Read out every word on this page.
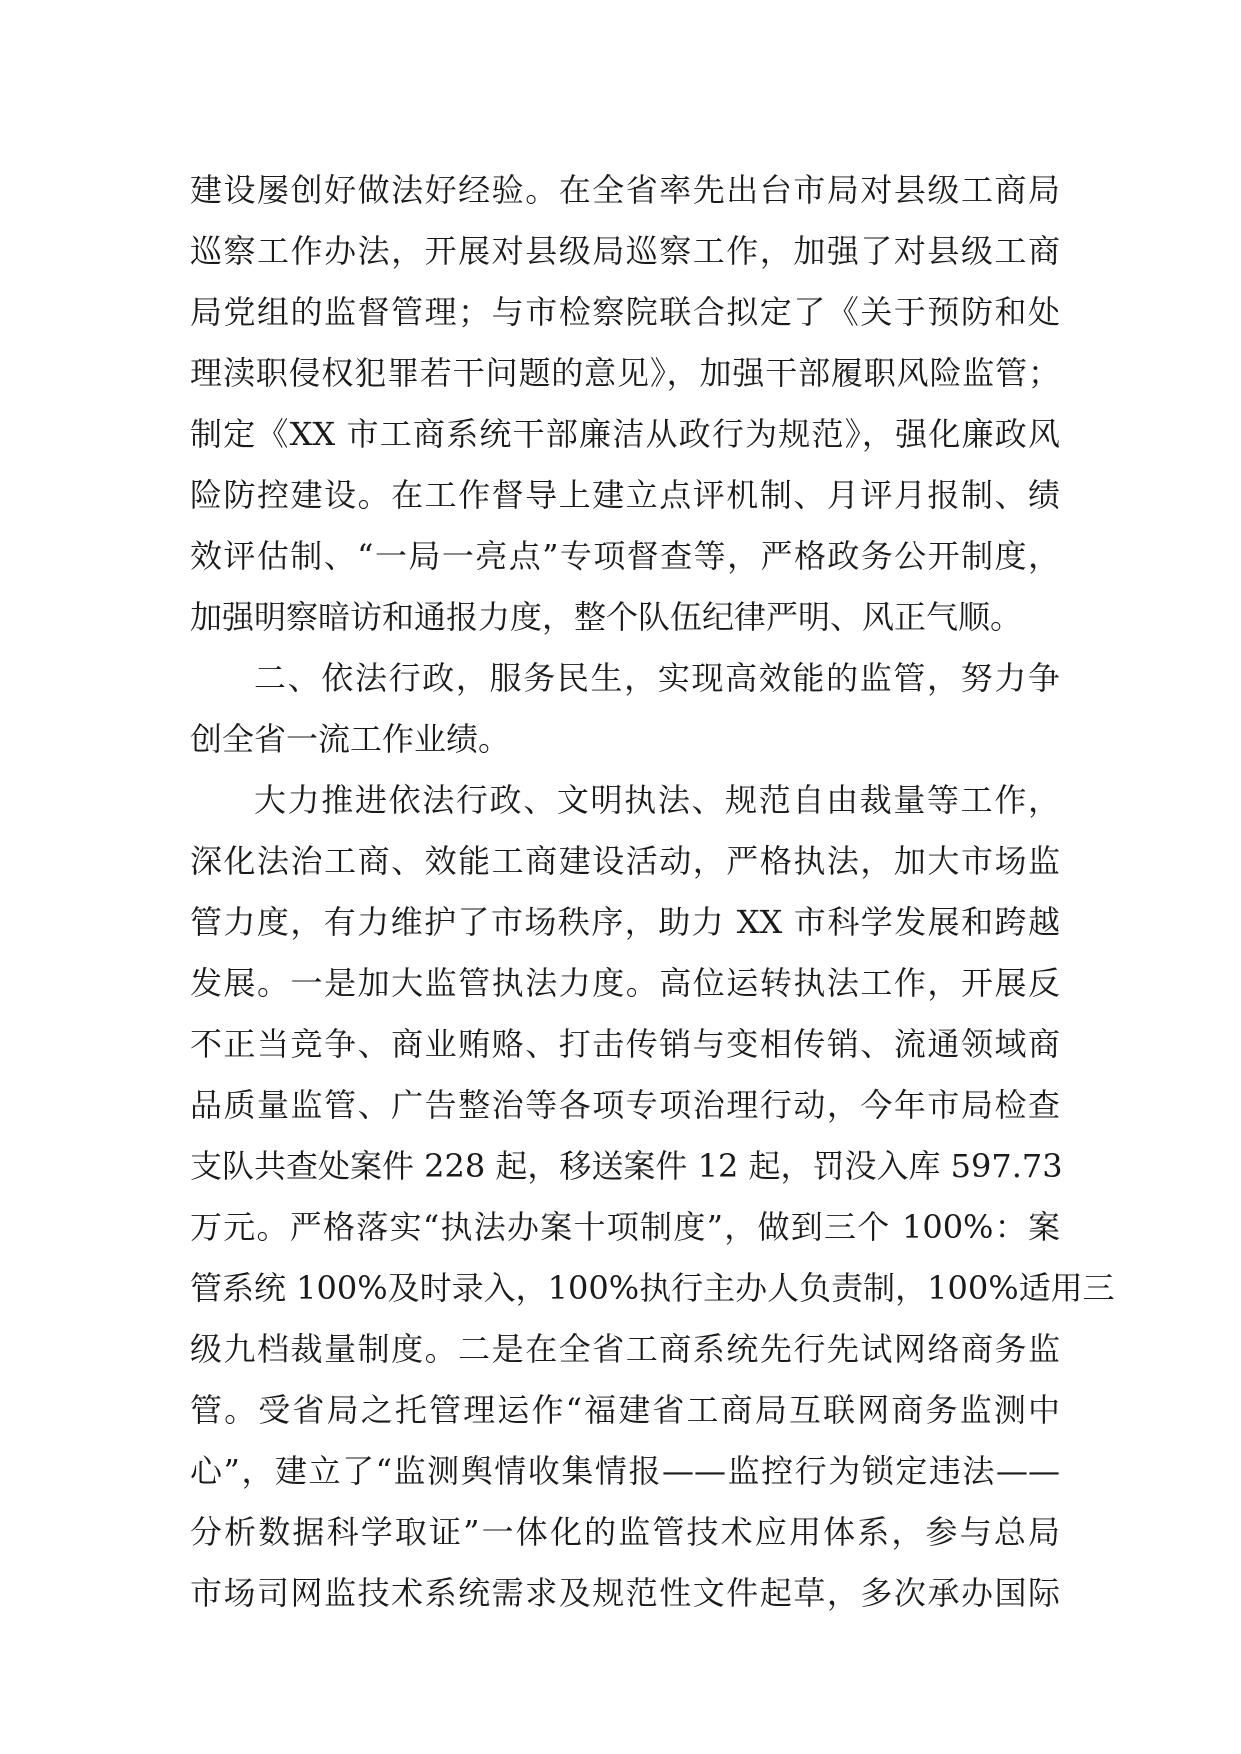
建设屡创好做法好经验。在全省率先出台市局对县级工商局
巡察工作办法，开展对县级局巡察工作，加强了对县级工商
局党组的监督管理；与市检察院联合拟定了《关于预防和处
理渎职侵权犯罪若干问题的意见》，加强干部履职风险监管；
制定《XX 市工商系统干部廉洁从政行为规范》，强化廉政风
险防控建设。在工作督导上建立点评机制、月评月报制、绩
效评估制、“一局一亮点”专项督查等，严格政务公开制度，
加强明察暗访和通报力度，整个队伍纪律严明、风正气顺。
二、依法行政，服务民生，实现高效能的监管，努力争
创全省一流工作业绩。
大力推进依法行政、文明执法、规范自由裁量等工作，
深化法治工商、效能工商建设活动，严格执法，加大市场监
管力度，有力维护了市场秩序，助力 XX 市科学发展和跨越
发展。一是加大监管执法力度。高位运转执法工作，开展反
不正当竞争、商业贿赂、打击传销与变相传销、流通领域商
品质量监管、广告整治等各项专项治理行动，今年市局检查
支队共查处案件 228 起，移送案件 12 起，罚没入库 597.73
万元。严格落实“执法办案十项制度”，做到三个 100%：案
管系统 100%及时录入，100%执行主办人负责制，100%适用三
级九档裁量制度。二是在全省工商系统先行先试网络商务监
管。受省局之托管理运作“福建省工商局互联网商务监测中
心”，建立了“监测舆情收集情报——监控行为锁定违法——
分析数据科学取证”一体化的监管技术应用体系，参与总局
市场司网监技术系统需求及规范性文件起草，多次承办国际
